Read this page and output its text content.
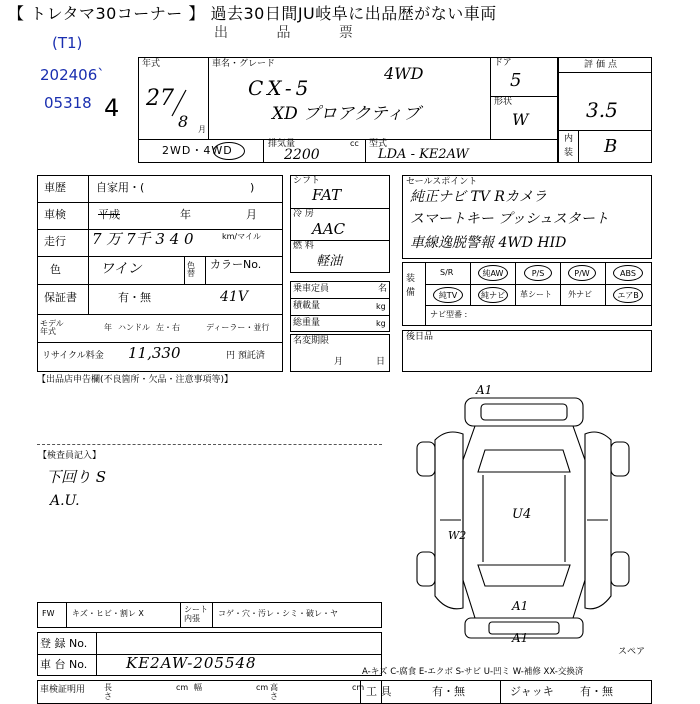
【 トレタマ30コーナー 】 過去30日間JU岐阜に出品歴がない車両
(T1)
202406`
05318 4
出 品 票
年式
27
8 月
車名・グレード
CX-5
4WD
XD プロアクティブ
ドア
5
形状
W
2WD・4WD	排気量
2200
cc 型式
LDA - KE2AW
評価点
3.5
内
装 B
車歴	自家用・(	)
車検	平成	年	月
走行 7 万 7千 3 4 0	km/マイル
色	ワイン	色替
カラーNo.
41V
保証書	有・無
モデル年式	年 ハンドル 左・右	ディーラー・並行
リサイクル料金 11,330	円 預託済
シフト
FAT
冷 房
AAC
燃 料
軽油
乗車定員	名
積載量	kg
総重量	kg
名変期限
月	日
セールスポイント
純正ナビ TV Rカメラ
スマートキー プッシュスタート
車線逸脱警報 4WD HID
装備
S/R	純AW	P/S	P/W	ABS
純TV	純ナビ 革シート 外ナビ	エアB
ナビ型番 :
後日品
【出品店申告欄(不良箇所・欠品・注意事項等)】
【検査員記入】
下回り S
A.U.
A1
U4
W2
A1
A1
スペア
FW キズ・ヒビ・割レ X	シート 内張
コゲ・穴・汚レ・シミ・破レ・ヤ
登 録 No.
車 台 No.	KE2AW-205548
車検証明用 長さ
cm 幅	cm 高さ
cm
A-キズ C-腐食 E-エクボ S-サビ U-凹ミ W-補修 XX-交換済
工 具	有・無	ジャッキ 有・無
